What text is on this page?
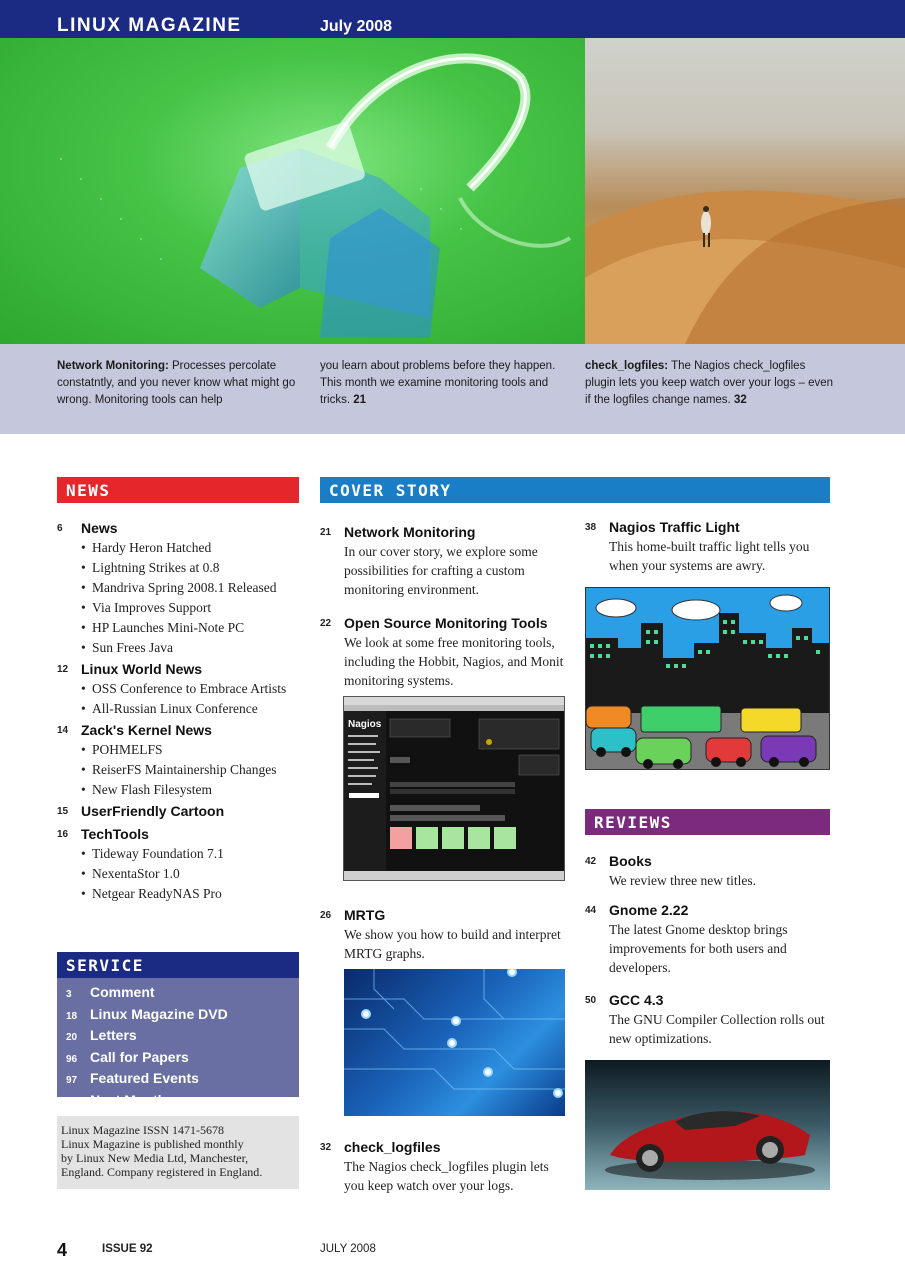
LINUX MAGAZINE	July 2008
Network Monitoring: Processes percolate constatntly, and you never know what might go wrong. Monitoring tools can help
you learn about problems before they happen. This month we examine monitoring tools and tricks. 21
check_logfiles: The Nagios check_logfiles plugin lets you keep watch over your logs – even if the logfiles change names. 32
NEWS	COVER STORY
REVIEWS
SERVICE
6 News
• Hardy Heron Hatched
• Lightning Strikes at 0.8
• Mandriva Spring 2008.1 Released
• Via Improves Support
• HP Launches Mini-Note PC
• Sun Frees Java
12 Linux World News
• OSS Conference to Embrace Artists
• All-Russian Linux Conference
14 Zack's Kernel News
• POHMELFS
• ReiserFS Maintainership Changes
• New Flash Filesystem
15 UserFriendly Cartoon
16 TechTools
• Tideway Foundation 7.1
• NexentaStor 1.0
• Netgear ReadyNAS Pro
3 Comment
18 Linux Magazine DVD
20 Letters
96 Call for Papers
97 Featured Events
98 Next Month
Linux Magazine ISSN 1471-5678
Linux Magazine is published monthly
by Linux New Media Ltd, Manchester,
England. Company registered in England.
21 Network Monitoring
In our cover story, we explore some possibilities for crafting a custom monitoring environment.
22 Open Source Monitoring Tools
We look at some free monitoring tools, including the Hobbit, Nagios, and Monit monitoring systems.
Nagios
26 MRTG
We show you how to build and interpret MRTG graphs.
32 check_logfiles
The Nagios check_logfiles plugin lets you keep watch over your logs.
38 Nagios Traffic Light
This home-built traffic light tells you when your systems are awry.
42 Books
We review three new titles.
44 Gnome 2.22
The latest Gnome desktop brings improvements for both users and developers.
50 GCC 4.3
The GNU Compiler Collection rolls out new optimizations.
4	ISSUE 92	JULY 2008
